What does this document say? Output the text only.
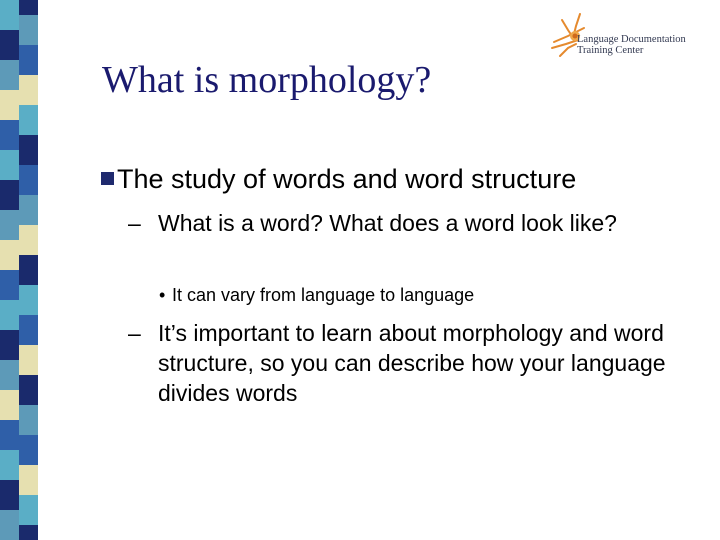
Language Documentation
Training Center
What is morphology?
The study of words and word structure
– What is a word? What does a word look like?
• It can vary from language to language
– It’s important to learn about morphology and word structure, so you can describe how your language divides words
